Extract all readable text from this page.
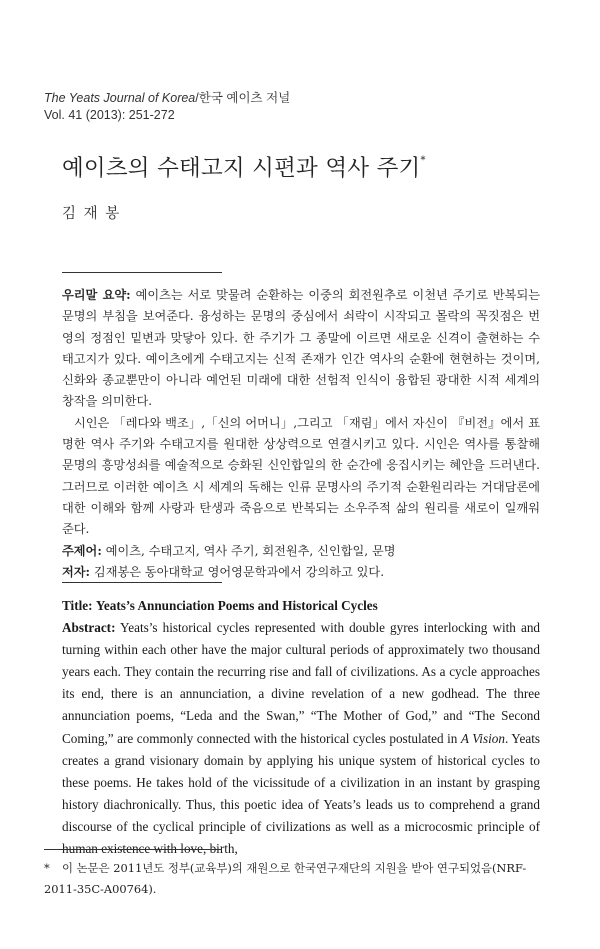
The Yeats Journal of Korea/한국 예이츠 저널
Vol. 41 (2013): 251-272
예이츠의 수태고지 시편과 역사 주기*
김 재 봉

우리말 요약: 예이츠는 서로 맞물려 순환하는 이중의 회전원추로 이천년 주기로 반복되는 문명의 부침을 보여준다. 융성하는 문명의 중심에서 쇠락이 시작되고 몰락의 꼭짓점은 번영의 정점인 밑변과 맞닿아 있다. 한 주기가 그 종말에 이르면 새로운 신격이 출현하는 수태고지가 있다. 예이츠에게 수태고지는 신적 존재가 인간 역사의 순환에 현현하는 것이며, 신화와 종교뿐만이 아니라 예언된 미래에 대한 선험적 인식이 융합된 광대한 시적 세계의 창작을 의미한다.

시인은 「레다와 백조」,「신의 어머니」,그리고 「재림」에서 자신이 『비전』에서 표명한 역사 주기와 수태고지를 원대한 상상력으로 연결시키고 있다. 시인은 역사를 통찰해 문명의 흥망성쇠를 예술적으로 승화된 신인합일의 한 순간에 응집시키는 혜안을 드러낸다. 그러므로 이러한 예이츠 시 세계의 독해는 인류 문명사의 주기적 순환원리라는 거대담론에 대한 이해와 함께 사랑과 탄생과 죽음으로 반복되는 소우주적 삶의 원리를 새로이 일깨워준다.

주제어: 예이츠, 수태고지, 역사 주기, 회전원추, 신인합일, 문명

저자: 김재봉은 동아대학교 영어영문학과에서 강의하고 있다.

Title: Yeats’s Annunciation Poems and Historical Cycles

Abstract: Yeats’s historical cycles represented with double gyres interlocking with and turning within each other have the major cultural periods of approximately two thousand years each. They contain the recurring rise and fall of civilizations. As a cycle approaches its end, there is an annunciation, a divine revelation of a new godhead. The three annunciation poems, “Leda and the Swan,” “The Mother of God,” and “The Second Coming,” are commonly connected with the historical cycles postulated in A Vision. Yeats creates a grand visionary domain by applying his unique system of historical cycles to these poems. He takes hold of the vicissitude of a civilization in an instant by grasping history diachronically. Thus, this poetic idea of Yeats’s leads us to comprehend a grand discourse of the cyclical principle of civilizations as well as a microcosmic principle of human existence with love, birth,

* 이 논문은 2011년도 정부(교육부)의 재원으로 한국연구재단의 지원을 받아 연구되었음(NRF-2011-35C-A00764).
